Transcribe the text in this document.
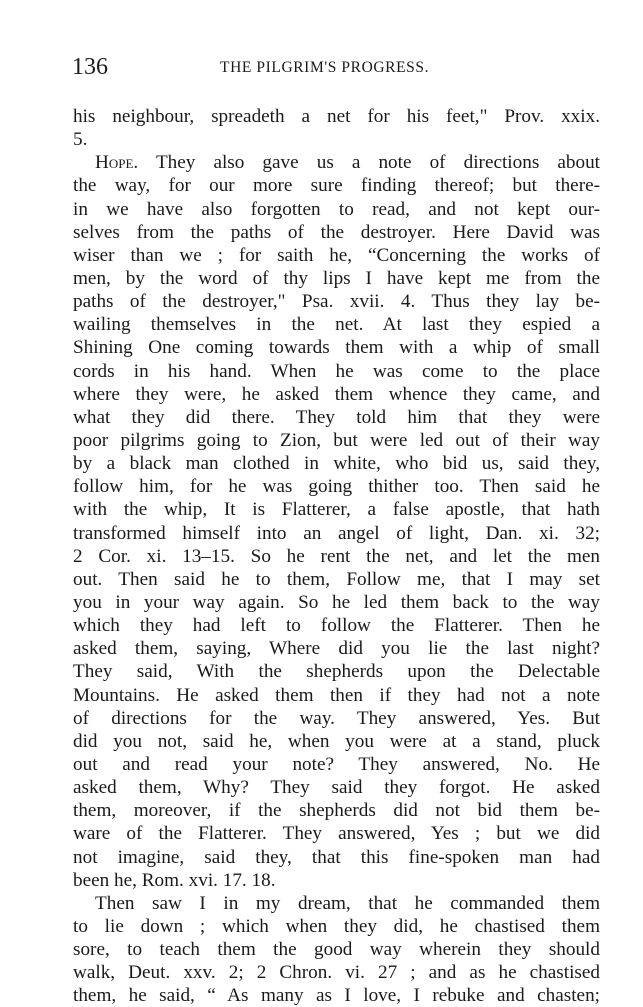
136	THE PILGRIM'S PROGRESS.
his neighbour, spreadeth a net for his feet," Prov. xxix.
5.
Hope. They also gave us a note of directions about
the way, for our more sure finding thereof; but there-
in we have also forgotten to read, and not kept our-
selves from the paths of the destroyer. Here David was
wiser than we ; for saith he, “Concerning the works of
men, by the word of thy lips I have kept me from the
paths of the destroyer," Psa. xvii. 4. Thus they lay be-
wailing themselves in the net. At last they espied a
Shining One coming towards them with a whip of small
cords in his hand. When he was come to the place
where they were, he asked them whence they came, and
what they did there. They told him that they were
poor pilgrims going to Zion, but were led out of their way
by a black man clothed in white, who bid us, said they,
follow him, for he was going thither too. Then said he
with the whip, It is Flatterer, a false apostle, that hath
transformed himself into an angel of light, Dan. xi. 32;
2 Cor. xi. 13–15. So he rent the net, and let the men
out. Then said he to them, Follow me, that I may set
you in your way again. So he led them back to the way
which they had left to follow the Flatterer. Then he
asked them, saying, Where did you lie the last night?
They said, With the shepherds upon the Delectable
Mountains. He asked them then if they had not a note
of directions for the way. They answered, Yes. But
did you not, said he, when you were at a stand, pluck
out and read your note? They answered, No. He
asked them, Why? They said they forgot. He asked
them, moreover, if the shepherds did not bid them be-
ware of the Flatterer. They answered, Yes ; but we did
not imagine, said they, that this fine-spoken man had
been he, Rom. xvi. 17. 18.
Then saw I in my dream, that he commanded them
to lie down ; which when they did, he chastised them
sore, to teach them the good way wherein they should
walk, Deut. xxv. 2; 2 Chron. vi. 27 ; and as he chastised
them, he said, “ As many as I love, I rebuke and chasten;
